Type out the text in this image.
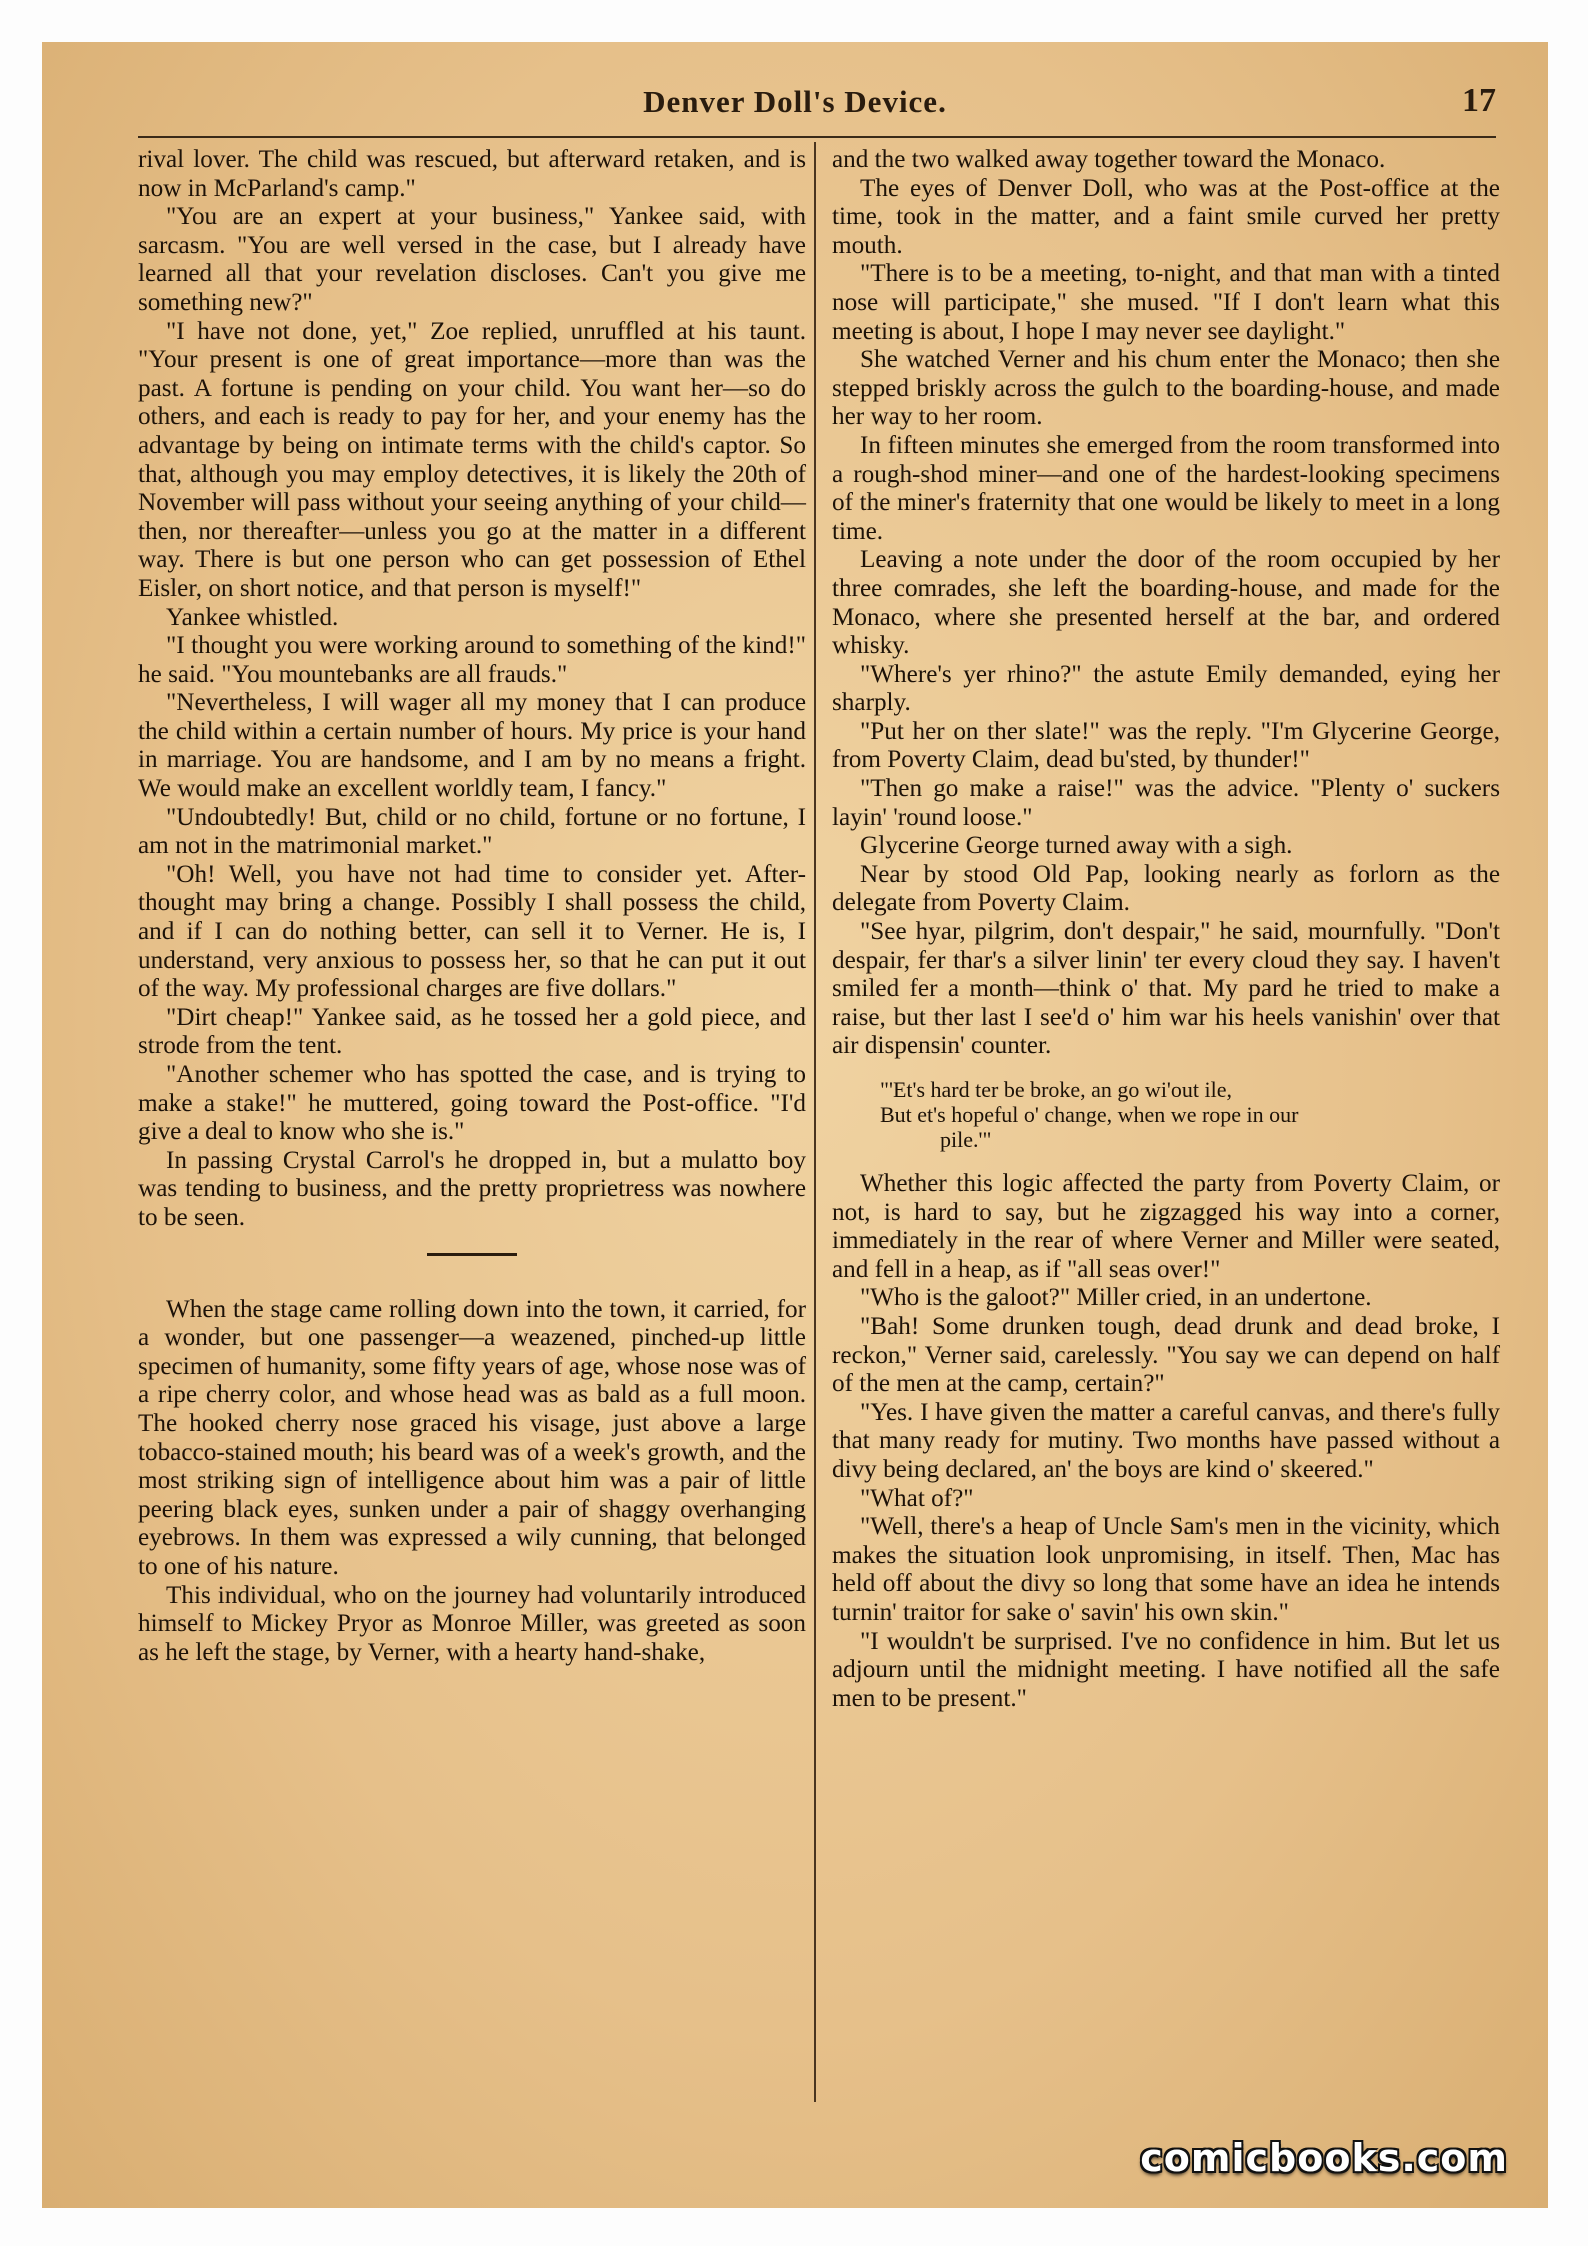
Denver Doll's Device.	17

rival lover. The child was rescued, but afterward retaken, and is now in McParland's camp."

"You are an expert at your business," Yankee said, with sarcasm. "You are well versed in the case, but I already have learned all that your revelation discloses. Can't you give me something new?"

"I have not done, yet," Zoe replied, unruffled at his taunt. "Your present is one of great importance—more than was the past. A fortune is pending on your child. You want her—so do others, and each is ready to pay for her, and your enemy has the advantage by being on intimate terms with the child's captor. So that, although you may employ detectives, it is likely the 20th of November will pass without your seeing anything of your child—then, nor thereafter—unless you go at the matter in a different way. There is but one person who can get possession of Ethel Eisler, on short notice, and that person is myself!"

Yankee whistled.

"I thought you were working around to something of the kind!" he said. "You mountebanks are all frauds."

"Nevertheless, I will wager all my money that I can produce the child within a certain number of hours. My price is your hand in marriage. You are handsome, and I am by no means a fright. We would make an excellent worldly team, I fancy."

"Undoubtedly! But, child or no child, fortune or no fortune, I am not in the matrimonial market."

"Oh! Well, you have not had time to consider yet. After-thought may bring a change. Possibly I shall possess the child, and if I can do nothing better, can sell it to Verner. He is, I understand, very anxious to possess her, so that he can put it out of the way. My professional charges are five dollars."

"Dirt cheap!" Yankee said, as he tossed her a gold piece, and strode from the tent.

"Another schemer who has spotted the case, and is trying to make a stake!" he muttered, going toward the Post-office. "I'd give a deal to know who she is."

In passing Crystal Carrol's he dropped in, but a mulatto boy was tending to business, and the pretty proprietress was nowhere to be seen.

When the stage came rolling down into the town, it carried, for a wonder, but one passenger—a weazened, pinched-up little specimen of humanity, some fifty years of age, whose nose was of a ripe cherry color, and whose head was as bald as a full moon. The hooked cherry nose graced his visage, just above a large tobacco-stained mouth; his beard was of a week's growth, and the most striking sign of intelligence about him was a pair of little peering black eyes, sunken under a pair of shaggy overhanging eyebrows. In them was expressed a wily cunning, that belonged to one of his nature.

This individual, who on the journey had voluntarily introduced himself to Mickey Pryor as Monroe Miller, was greeted as soon as he left the stage, by Verner, with a hearty hand-shake,

and the two walked away together toward the Monaco.

The eyes of Denver Doll, who was at the Post-office at the time, took in the matter, and a faint smile curved her pretty mouth.

"There is to be a meeting, to-night, and that man with a tinted nose will participate," she mused. "If I don't learn what this meeting is about, I hope I may never see daylight."

She watched Verner and his chum enter the Monaco; then she stepped briskly across the gulch to the boarding-house, and made her way to her room.

In fifteen minutes she emerged from the room transformed into a rough-shod miner—and one of the hardest-looking specimens of the miner's fraternity that one would be likely to meet in a long time.

Leaving a note under the door of the room occupied by her three comrades, she left the boarding-house, and made for the Monaco, where she presented herself at the bar, and ordered whisky.

"Where's yer rhino?" the astute Emily demanded, eying her sharply.

"Put her on ther slate!" was the reply. "I'm Glycerine George, from Poverty Claim, dead bu'sted, by thunder!"

"Then go make a raise!" was the advice. "Plenty o' suckers layin' 'round loose."

Glycerine George turned away with a sigh.

Near by stood Old Pap, looking nearly as forlorn as the delegate from Poverty Claim.

"See hyar, pilgrim, don't despair," he said, mournfully. "Don't despair, fer thar's a silver linin' ter every cloud they say. I haven't smiled fer a month—think o' that. My pard he tried to make a raise, but ther last I see'd o' him war his heels vanishin' over that air dispensin' counter.

"'Et's hard ter be broke, an go wi'out ile,
But et's hopeful o' change, when we rope in our
pile.'"

Whether this logic affected the party from Poverty Claim, or not, is hard to say, but he zigzagged his way into a corner, immediately in the rear of where Verner and Miller were seated, and fell in a heap, as if "all seas over!"

"Who is the galoot?" Miller cried, in an undertone.

"Bah! Some drunken tough, dead drunk and dead broke, I reckon," Verner said, carelessly. "You say we can depend on half of the men at the camp, certain?"

"Yes. I have given the matter a careful canvas, and there's fully that many ready for mutiny. Two months have passed without a divy being declared, an' the boys are kind o' skeered."

"What of?"

"Well, there's a heap of Uncle Sam's men in the vicinity, which makes the situation look unpromising, in itself. Then, Mac has held off about the divy so long that some have an idea he intends turnin' traitor for sake o' savin' his own skin."

"I wouldn't be surprised. I've no confidence in him. But let us adjourn until the midnight meeting. I have notified all the safe men to be present."

comicbooks.com
